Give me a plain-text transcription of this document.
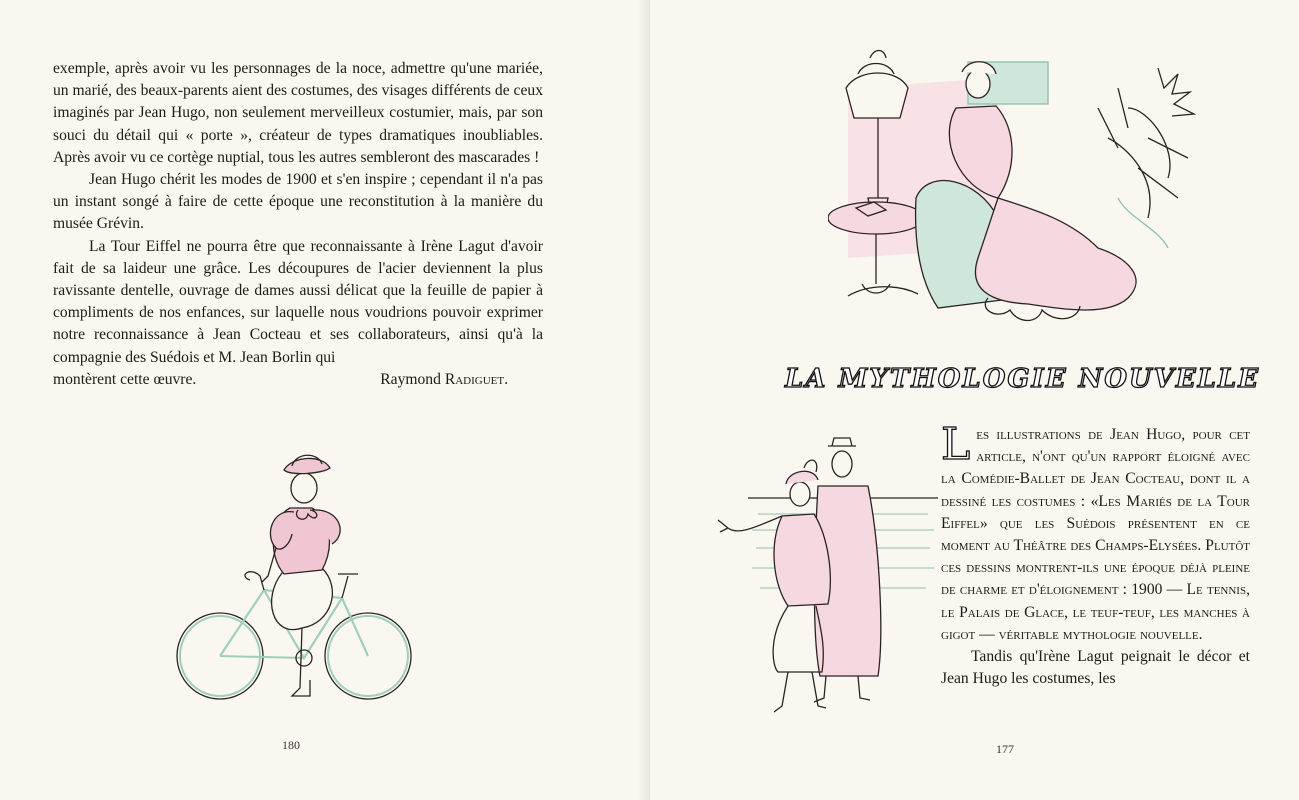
exemple, après avoir vu les personnages de la noce, admettre qu'une mariée, un marié, des beaux-parents aient des costumes, des visages différents de ceux imaginés par Jean Hugo, non seulement merveilleux costumier, mais, par son souci du détail qui « porte », créateur de types dramatiques inoubliables. Après avoir vu ce cortège nuptial, tous les autres sembleront des mascarades !

Jean Hugo chérit les modes de 1900 et s'en inspire ; cependant il n'a pas un instant songé à faire de cette époque une reconstitution à la manière du musée Grévin.

La Tour Eiffel ne pourra être que reconnaissante à Irène Lagut d'avoir fait de sa laideur une grâce. Les découpures de l'acier deviennent la plus ravissante dentelle, ouvrage de dames aussi délicat que la feuille de papier à compliments de nos enfances, sur laquelle nous voudrions pouvoir exprimer notre reconnaissance à Jean Cocteau et ses collaborateurs, ainsi qu'à la compagnie des Suédois et M. Jean Borlin qui

montèrent cette œuvre.	Raymond Radiguet.
180
LA MYTHOLOGIE NOUVELLE

Les illustrations de Jean Hugo, pour cet article, n'ont qu'un rapport éloigné avec la Comédie-Ballet de Jean Cocteau, dont il a dessiné les costumes : «Les Mariés de la Tour Eiffel» que les Suédois présentent en ce moment au Théâtre des Champs-Elysées. Plutôt ces dessins montrent-ils une époque déjà pleine de charme et d'éloignement : 1900 — Le tennis, le Palais de Glace, le teuf-teuf, les manches à gigot — véritable mythologie nouvelle.

Tandis qu'Irène Lagut peignait le décor et Jean Hugo les costumes, les

177
